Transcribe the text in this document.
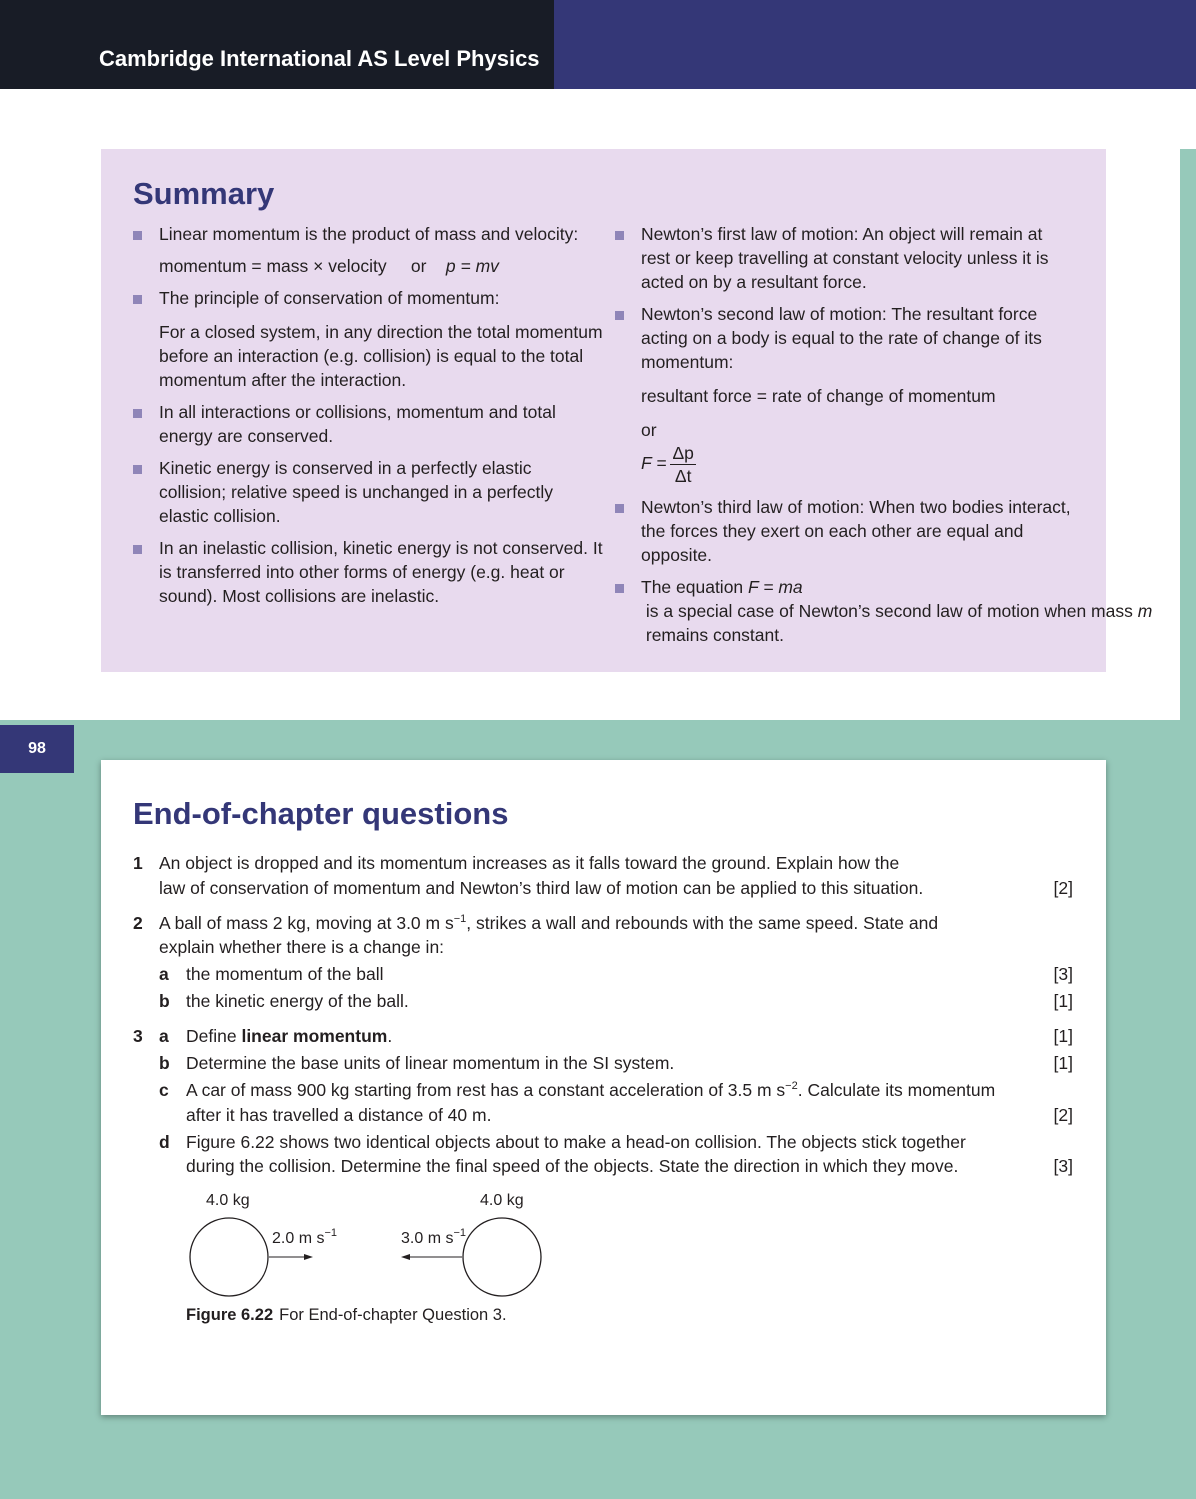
Cambridge International AS Level Physics
98
Summary

Linear momentum is the product of mass and velocity:

momentum = mass × velocity     or    p = mv

The principle of conservation of momentum:

For a closed system, in any direction the total momentum before an interaction (e.g. collision) is equal to the total momentum after the interaction.

In all interactions or collisions, momentum and total energy are conserved.

Kinetic energy is conserved in a perfectly elastic collision; relative speed is unchanged in a perfectly elastic collision.

In an inelastic collision, kinetic energy is not conserved. It is transferred into other forms of energy (e.g. heat or sound). Most collisions are inelastic.

Newton’s first law of motion: An object will remain at rest or keep travelling at constant velocity unless it is acted on by a resultant force.

Newton’s second law of motion: The resultant force acting on a body is equal to the rate of change of its momentum:

resultant force = rate of change of momentum

or

$F = \frac{\Delta p}{\Delta t}$

Newton’s third law of motion: When two bodies interact, the forces they exert on each other are equal and opposite.

The equation F = ma is a special case of Newton’s second law of motion when mass m remains constant.

End-of-chapter questions
1 An object is dropped and its momentum increases as it falls toward the ground. Explain how the
law of conservation of momentum and Newton’s third law of motion can be applied to this situation.	[2]
2 A ball of mass 2 kg, moving at 3.0 m $s^{-1}$, strikes a wall and rebounds with the same speed. State and
explain whether there is a change in:
a the momentum of the ball	[3]
b the kinetic energy of the ball.	[1]
3 a Define linear momentum.	[1]
b Determine the base units of linear momentum in the SI system.	[1]
c A car of mass 900 kg starting from rest has a constant acceleration of 3.5 m $s^{-2}$. Calculate its momentum
after it has travelled a distance of 40 m.	[2]
d Figure 6.22 shows two identical objects about to make a head-on collision. The objects stick together
during the collision. Determine the final speed of the objects. State the direction in which they move.	[3]
4.0 kg	4.0 kg
2.0 m $s^{-1}$	3.0 m $s^{-1}$
Figure 6.22 For End-of-chapter Question 3.
